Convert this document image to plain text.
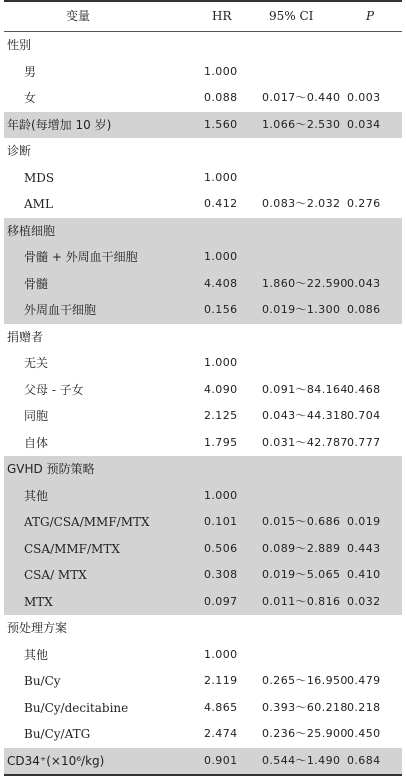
变量	HR	95% CI	P
性别
男	1.000
女	0.088	0.017～0.440 0.003
年龄(每增加 10 岁)	1.560	1.066～2.530 0.034
诊断
MDS	1.000
AML	0.412	0.083～2.032 0.276
移植细胞
骨髓 + 外周血干细胞	1.000
骨髓	4.408	1.860～22.590 0.043
外周血干细胞	0.156	0.019～1.300 0.086
捐赠者
无关	1.000
父母 - 子女	4.090	0.091～84.164 0.468
同胞	2.125	0.043～44.318 0.704
自体	1.795	0.031～42.787 0.777
GVHD 预防策略
其他	1.000
ATG/CSA/MMF/MTX	0.101	0.015～0.686 0.019
CSA/MMF/MTX	0.506	0.089～2.889 0.443
CSA/ MTX	0.308	0.019～5.065 0.410
MTX	0.097	0.011～0.816 0.032
预处理方案
其他	1.000
Bu/Cy	2.119	0.265～16.950 0.479
Bu/Cy/decitabine	4.865	0.393～60.218 0.218
Bu/Cy/ATG	2.474	0.236～25.900 0.450
CD34⁺(×10⁶/kg)	0.901	0.544～1.490 0.684
